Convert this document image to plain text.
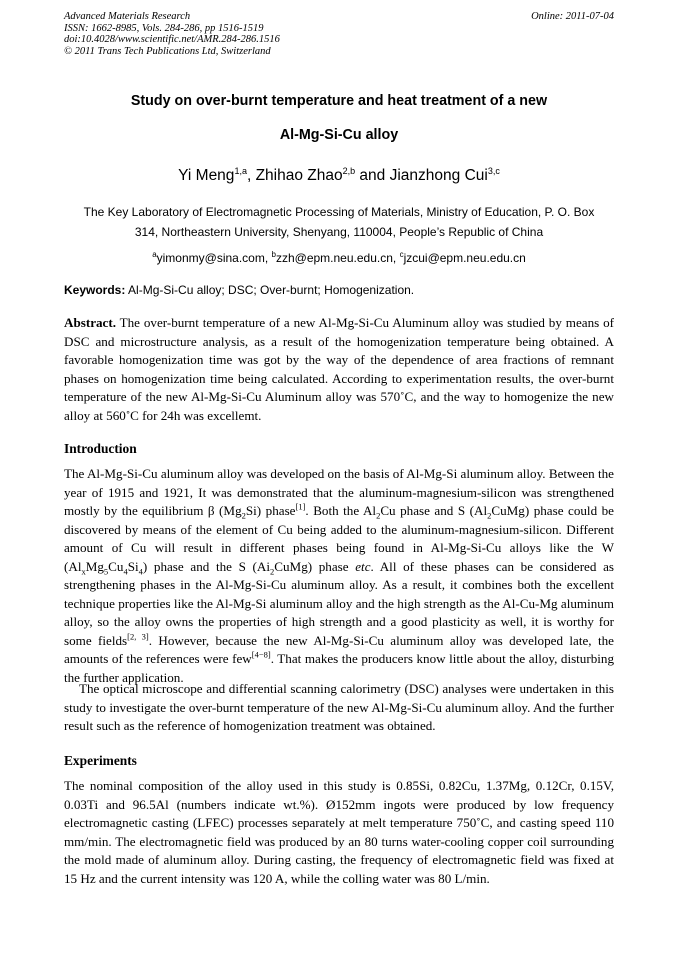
Advanced Materials Research
ISSN: 1662-8985, Vols. 284-286, pp 1516-1519
doi:10.4028/www.scientific.net/AMR.284-286.1516
© 2011 Trans Tech Publications Ltd, Switzerland
Online: 2011-07-04
Study on over-burnt temperature and heat treatment of a new
Al-Mg-Si-Cu alloy
Yi Meng$^{1,a}$, Zhihao Zhao$^{2,b}$ and Jianzhong Cui$^{3,c}$
The Key Laboratory of Electromagnetic Processing of Materials, Ministry of Education, P. O. Box
314, Northeastern University, Shenyang, 110004, People’s Republic of China
$^a$yimonmy@sina.com, $^b$zzh@epm.neu.edu.cn, $^c$jzcui@epm.neu.edu.cn
Keywords: Al-Mg-Si-Cu alloy; DSC; Over-burnt; Homogenization.
Abstract. The over-burnt temperature of a new Al-Mg-Si-Cu Aluminum alloy was studied by means of DSC and microstructure analysis, as a result of the homogenization temperature being obtained. A favorable homogenization time was got by the way of the dependence of area fractions of remnant phases on homogenization time being calculated. According to experimentation results, the over-burnt temperature of the new Al-Mg-Si-Cu Aluminum alloy was 570˚C, and the way to homogenize the new alloy at 560˚C for 24h was excellemt.
Introduction
The Al-Mg-Si-Cu aluminum alloy was developed on the basis of Al-Mg-Si aluminum alloy. Between the year of 1915 and 1921, It was demonstrated that the aluminum-magnesium-silicon was strengthened mostly by the equilibrium β $(Mg_2Si)$ phase[1]. Both the $Al_2Cu$ phase and S $(Al_2CuMg)$ phase could be discovered by means of the element of Cu being added to the aluminum-magnesium-silicon. Different amount of Cu will result in different phases being found in Al-Mg-Si-Cu alloys like the W $(Al_xMg_5Cu_4Si_4)$ phase and the S $(Ai_2CuMg)$ phase etc. All of these phases can be considered as strengthening phases in the Al-Mg-Si-Cu aluminum alloy. As a result, it combines both the excellent technique properties like the Al-Mg-Si aluminum alloy and the high strength as the Al-Cu-Mg aluminum alloy, so the alloy owns the properties of high strength and a good plasticity as well, it is worthy for some fields[2, 3]. However, because the new Al-Mg-Si-Cu aluminum alloy was developed late, the amounts of the references were few[4−8]. That makes the producers know little about the alloy, disturbing the further application.
The optical microscope and differential scanning calorimetry (DSC) analyses were undertaken in this study to investigate the over-burnt temperature of the new Al-Mg-Si-Cu aluminum alloy. And the further result such as the reference of homogenization treatment was obtained.
Experiments
The nominal composition of the alloy used in this study is 0.85Si, 0.82Cu, 1.37Mg, 0.12Cr, 0.15V, 0.03Ti and 96.5Al (numbers indicate wt.%). Ø152mm ingots were produced by low frequency electromagnetic casting (LFEC) processes separately at melt temperature 750˚C, and casting speed 110 mm/min. The electromagnetic field was produced by an 80 turns water-cooling copper coil surrounding the mold made of aluminum alloy. During casting, the frequency of electromagnetic field was fixed at 15 Hz and the current intensity was 120 A, while the colling water was 80 L/min.
